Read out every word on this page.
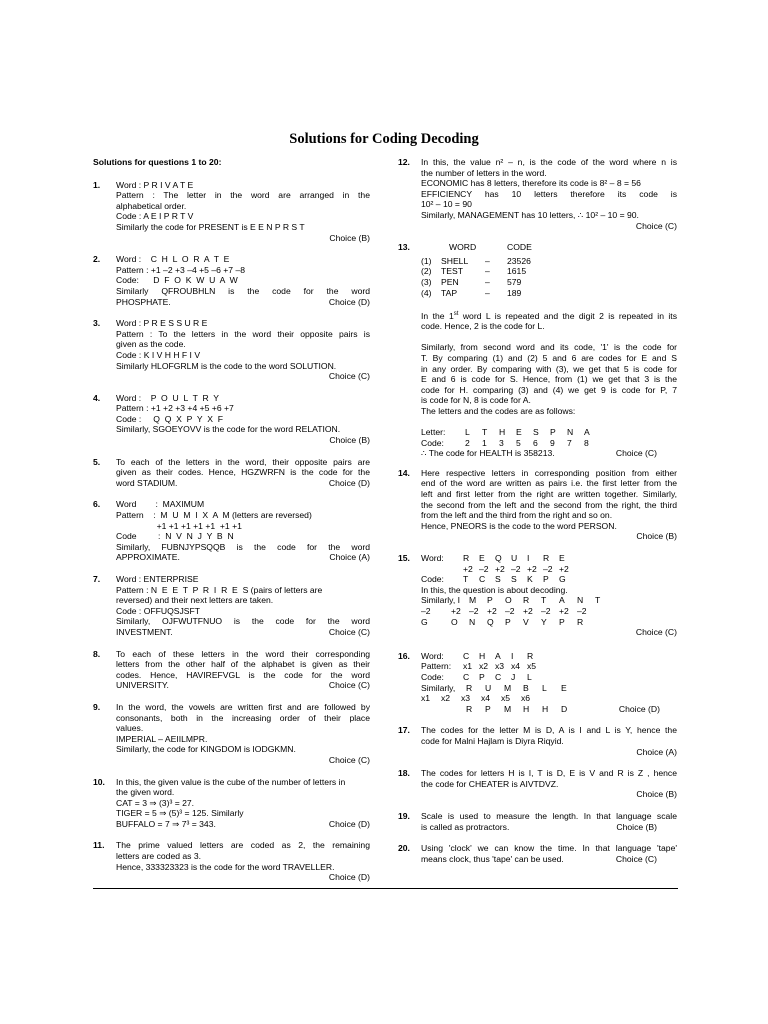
Solutions for Coding Decoding
Solutions for questions 1 to 20:
1. Word : P R I V A T E
Pattern : The letter in the word are arranged in the
alphabetical order.
Code : A E I P R T V
Similarly the code for PRESENT is E E N P R S T
Choice (B)
2. Word :    C  H  L  O  R  A  T  E
Pattern : +1 –2 +3 –4 +5 –6 +7 –8
Code:      D  F  O  K  W  U  A  W
Similarly QFROUBHLN is the code for the word
PHOSPHATE.	Choice (D)
3. Word : P R E S S U R E
Pattern : To the letters in the word their opposite pairs is
given as the code.
Code : K I V H H F I V
Similarly HLOFGRLM is the code to the word SOLUTION.
Choice (C)
4. Word :    P  O  U  L  T  R  Y
Pattern : +1 +2 +3 +4 +5 +6 +7
Code :     Q  Q  X  P  Y  X  F
Similarly, SGOEYOVV is the code for the word RELATION.
Choice (B)
5. To each of the letters in the word, their opposite pairs are
given as their codes. Hence, HGZWRFN is the code for the
word STADIUM.	Choice (D)
6. Word        :  MAXIMUM
Pattern    :  M  U  M  I  X  A  M (letters are reversed)
+1 +1 +1 +1 +1  +1 +1
Code         :  N  V  N  J  Y  B  N
Similarly, FUBNJYPSQQB is the code for the word
APPROXIMATE.	Choice (A)
7. Word : ENTERPRISE
Pattern : N  E  E  T  P  R  I  R  E  S (pairs of letters are
reversed) and their next letters are taken.
Code : OFFUQSJSFT
Similarly, OJFWUTFNUO is the code for the word
INVESTMENT.	Choice (C)
8. To each of these letters in the word their corresponding
letters from the other half of the alphabet is given as their
codes. Hence, HAVIREFVGL is the code for the word
UNIVERSITY.	Choice (C)
9. In the word, the vowels are written first and are followed by
consonants, both in the increasing order of their place
values.
IMPERIAL – AEIILMPR.
Similarly, the code for KINGDOM is IODGKMN.
Choice (C)
10. In this, the given value is the cube of the number of letters in
the given word.
CAT = 3 ⇒ (3)³ = 27.
TIGER = 5 ⇒ (5)³ = 125. Similarly
BUFFALO = 7 ⇒ 7³ = 343.	Choice (D)
11. The prime valued letters are coded as 2, the remaining
letters are coded as 3.
Hence, 333323323 is the code for the word TRAVELLER.
Choice (D)
12. In this, the value n² – n, is the code of the word where n is
the number of letters in the word.
ECONOMIC has 8 letters, therefore its code is 8² – 8 = 56
EFFICIENCY has 10 letters therefore its code is
10² – 10 = 90
Similarly, MANAGEMENT has 10 letters, ∴ 10² – 10 = 90.
Choice (C)
13.	WORD	CODE
(1)	SHELL	–	23526
(2)	TEST	–	1615
(3)	PEN	–	579
(4)	TAP	–	189
In the 1st word L is repeated and the digit 2 is repeated in its
code. Hence, 2 is the code for L.
Similarly, from second word and its code, '1' is the code for
T. By comparing (1) and (2) 5 and 6 are codes for E and S
in any order. By comparing with (3), we get that 5 is code for
E and 6 is code for S. Hence, from (1) we get that 3 is the
code for H. comparing (3) and (4) we get 9 is code for P, 7
is code for N, 8 is code for A.
The letters and the codes are as follows:
Letter:	L	T	H	E	S	P	N	A
Code:	2	1	3	5	6	9	7	8
∴ The code for HEALTH is 358213.	Choice (C)
14. Here respective letters in corresponding position from either
end of the word are written as pairs i.e. the first letter from the
left and first letter from the right are written together. Similarly,
the second from the left and the second from the right, the third
from the left and the third from the right and so on.
Hence, PNEORS is the code to the word PERSON.
Choice (B)
15. Word:	R	E	Q	U	I	R	E
+2 –2 +2 –2 +2 –2 +2
Code:	T	C	S	S	K	P	G
In this, the question is about decoding.
Similarly, I	M	P	O	R	T	A	N	T
–2	+2 –2 +2 –2 +2 –2 +2 –2
G	O	N	Q	P	V	Y	P	R
Choice (C)
16. Word:	C	H	A	I	R
Pattern:	x1 x2 x3 x4 x5
Code:	C	P	C	J	L
Similarly,	R	U	M	B	L	E
x1	x2	x3	x4	x5	x6
R	P	M	H	H	D	Choice (D)
17. The codes for the letter M is D, A is I and L is Y, hence the
code for Malni Hajlam is Diyra Riqyid.
Choice (A)
18. The codes for letters H is I, T is D, E is V and R is Z , hence
the code for CHEATER is AIVTDVZ.
Choice (B)
19. Scale is used to measure the length. In that language scale
is called as protractors.	Choice (B)
20. Using 'clock' we can know the time. In that language 'tape'
means clock, thus 'tape' can be used.	Choice (C)
